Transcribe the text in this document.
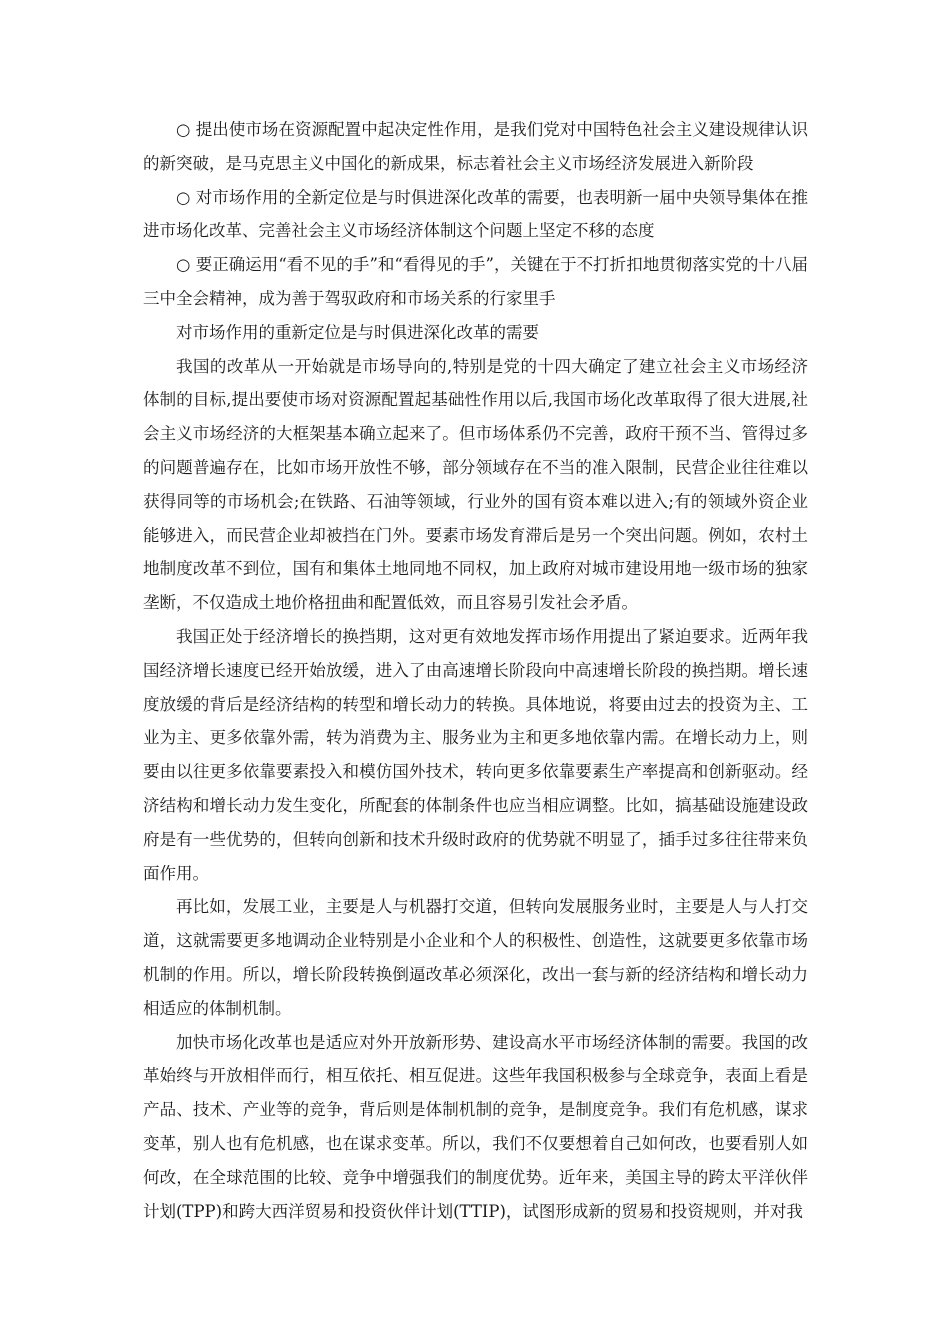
○ 提出使市场在资源配置中起决定性作用，是我们党对中国特色社会主义建设规律认识的新突破，是马克思主义中国化的新成果，标志着社会主义市场经济发展进入新阶段

○ 对市场作用的全新定位是与时俱进深化改革的需要，也表明新一届中央领导集体在推进市场化改革、完善社会主义市场经济体制这个问题上坚定不移的态度

○ 要正确运用“看不见的手”和“看得见的手”，关键在于不打折扣地贯彻落实党的十八届三中全会精神，成为善于驾驭政府和市场关系的行家里手

对市场作用的重新定位是与时俱进深化改革的需要

我国的改革从一开始就是市场导向的,特别是党的十四大确定了建立社会主义市场经济体制的目标,提出要使市场对资源配置起基础性作用以后,我国市场化改革取得了很大进展,社会主义市场经济的大框架基本确立起来了。但市场体系仍不完善，政府干预不当、管得过多的问题普遍存在，比如市场开放性不够，部分领域存在不当的准入限制，民营企业往往难以获得同等的市场机会;在铁路、石油等领域，行业外的国有资本难以进入;有的领域外资企业能够进入，而民营企业却被挡在门外。要素市场发育滞后是另一个突出问题。例如，农村土地制度改革不到位，国有和集体土地同地不同权，加上政府对城市建设用地一级市场的独家垄断，不仅造成土地价格扭曲和配置低效，而且容易引发社会矛盾。

我国正处于经济增长的换挡期，这对更有效地发挥市场作用提出了紧迫要求。近两年我国经济增长速度已经开始放缓，进入了由高速增长阶段向中高速增长阶段的换挡期。增长速度放缓的背后是经济结构的转型和增长动力的转换。具体地说，将要由过去的投资为主、工业为主、更多依靠外需，转为消费为主、服务业为主和更多地依靠内需。在增长动力上，则要由以往更多依靠要素投入和模仿国外技术，转向更多依靠要素生产率提高和创新驱动。经济结构和增长动力发生变化，所配套的体制条件也应当相应调整。比如，搞基础设施建设政府是有一些优势的，但转向创新和技术升级时政府的优势就不明显了，插手过多往往带来负面作用。

再比如，发展工业，主要是人与机器打交道，但转向发展服务业时，主要是人与人打交道，这就需要更多地调动企业特别是小企业和个人的积极性、创造性，这就要更多依靠市场机制的作用。所以，增长阶段转换倒逼改革必须深化，改出一套与新的经济结构和增长动力相适应的体制机制。

加快市场化改革也是适应对外开放新形势、建设高水平市场经济体制的需要。我国的改革始终与开放相伴而行，相互依托、相互促进。这些年我国积极参与全球竞争，表面上看是产品、技术、产业等的竞争，背后则是体制机制的竞争，是制度竞争。我们有危机感，谋求变革，别人也有危机感，也在谋求变革。所以，我们不仅要想着自己如何改，也要看别人如何改，在全球范围的比较、竞争中增强我们的制度优势。近年来，美国主导的跨太平洋伙伴计划(TPP)和跨大西洋贸易和投资伙伴计划(TTIP)，试图形成新的贸易和投资规则，并对我
